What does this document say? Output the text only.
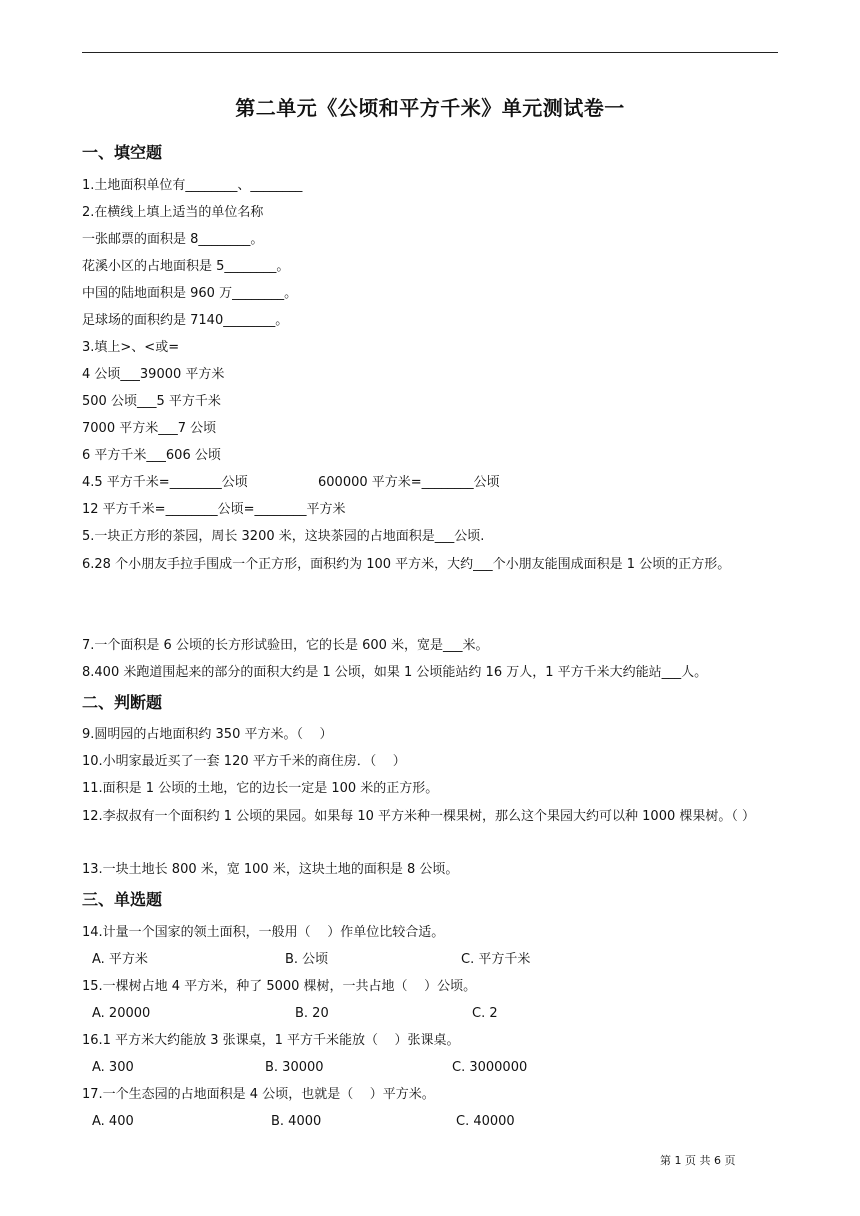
第二单元《公顷和平方千米》单元测试卷一
一、填空题
1.土地面积单位有________、________
2.在横线上填上适当的单位名称
一张邮票的面积是 8________。
花溪小区的占地面积是 5________。
中国的陆地面积是 960 万________。
足球场的面积约是 7140________。
3.填上>、<或=
4 公顷___39000 平方米
500 公顷___5 平方千米
7000 平方米___7 公顷
6 平方千米___606 公顷
4.5 平方千米=________公顷	600000 平方米=________公顷
12 平方千米=________公顷=________平方米
5.一块正方形的茶园，周长 3200 米，这块茶园的占地面积是___公顷.
6.28 个小朋友手拉手围成一个正方形，面积约为 100 平方米，大约___个小朋友能围成面积是 1 公顷的正方形。
7.一个面积是 6 公顷的长方形试验田，它的长是 600 米，宽是___米。
8.400 米跑道围起来的部分的面积大约是 1 公顷，如果 1 公顷能站约 16 万人，1 平方千米大约能站___人。
二、判断题
9.圆明园的占地面积约 350 平方米。（    ）
10.小明家最近买了一套 120 平方千米的商住房．（    ）
11.面积是 1 公顷的土地，它的边长一定是 100 米的正方形。
12.李叔叔有一个面积约 1 公顷的果园。如果每 10 平方米种一棵果树，那么这个果园大约可以种 1000 棵果树。（ ）
13.一块土地长 800 米，宽 100 米，这块土地的面积是 8 公顷。
三、单选题
14.计量一个国家的领土面积，一般用（    ）作单位比较合适。
A. 平方米	B. 公顷	C. 平方千米
15.一棵树占地 4 平方米，种了 5000 棵树，一共占地（    ）公顷。
A. 20000	B. 20	C. 2
16.1 平方米大约能放 3 张课桌，1 平方千米能放（    ）张课桌。
A. 300	B. 30000	C. 3000000
17.一个生态园的占地面积是 4 公顷，也就是（    ）平方米。
A. 400	B. 4000	C. 40000
第 1 页 共 6 页
